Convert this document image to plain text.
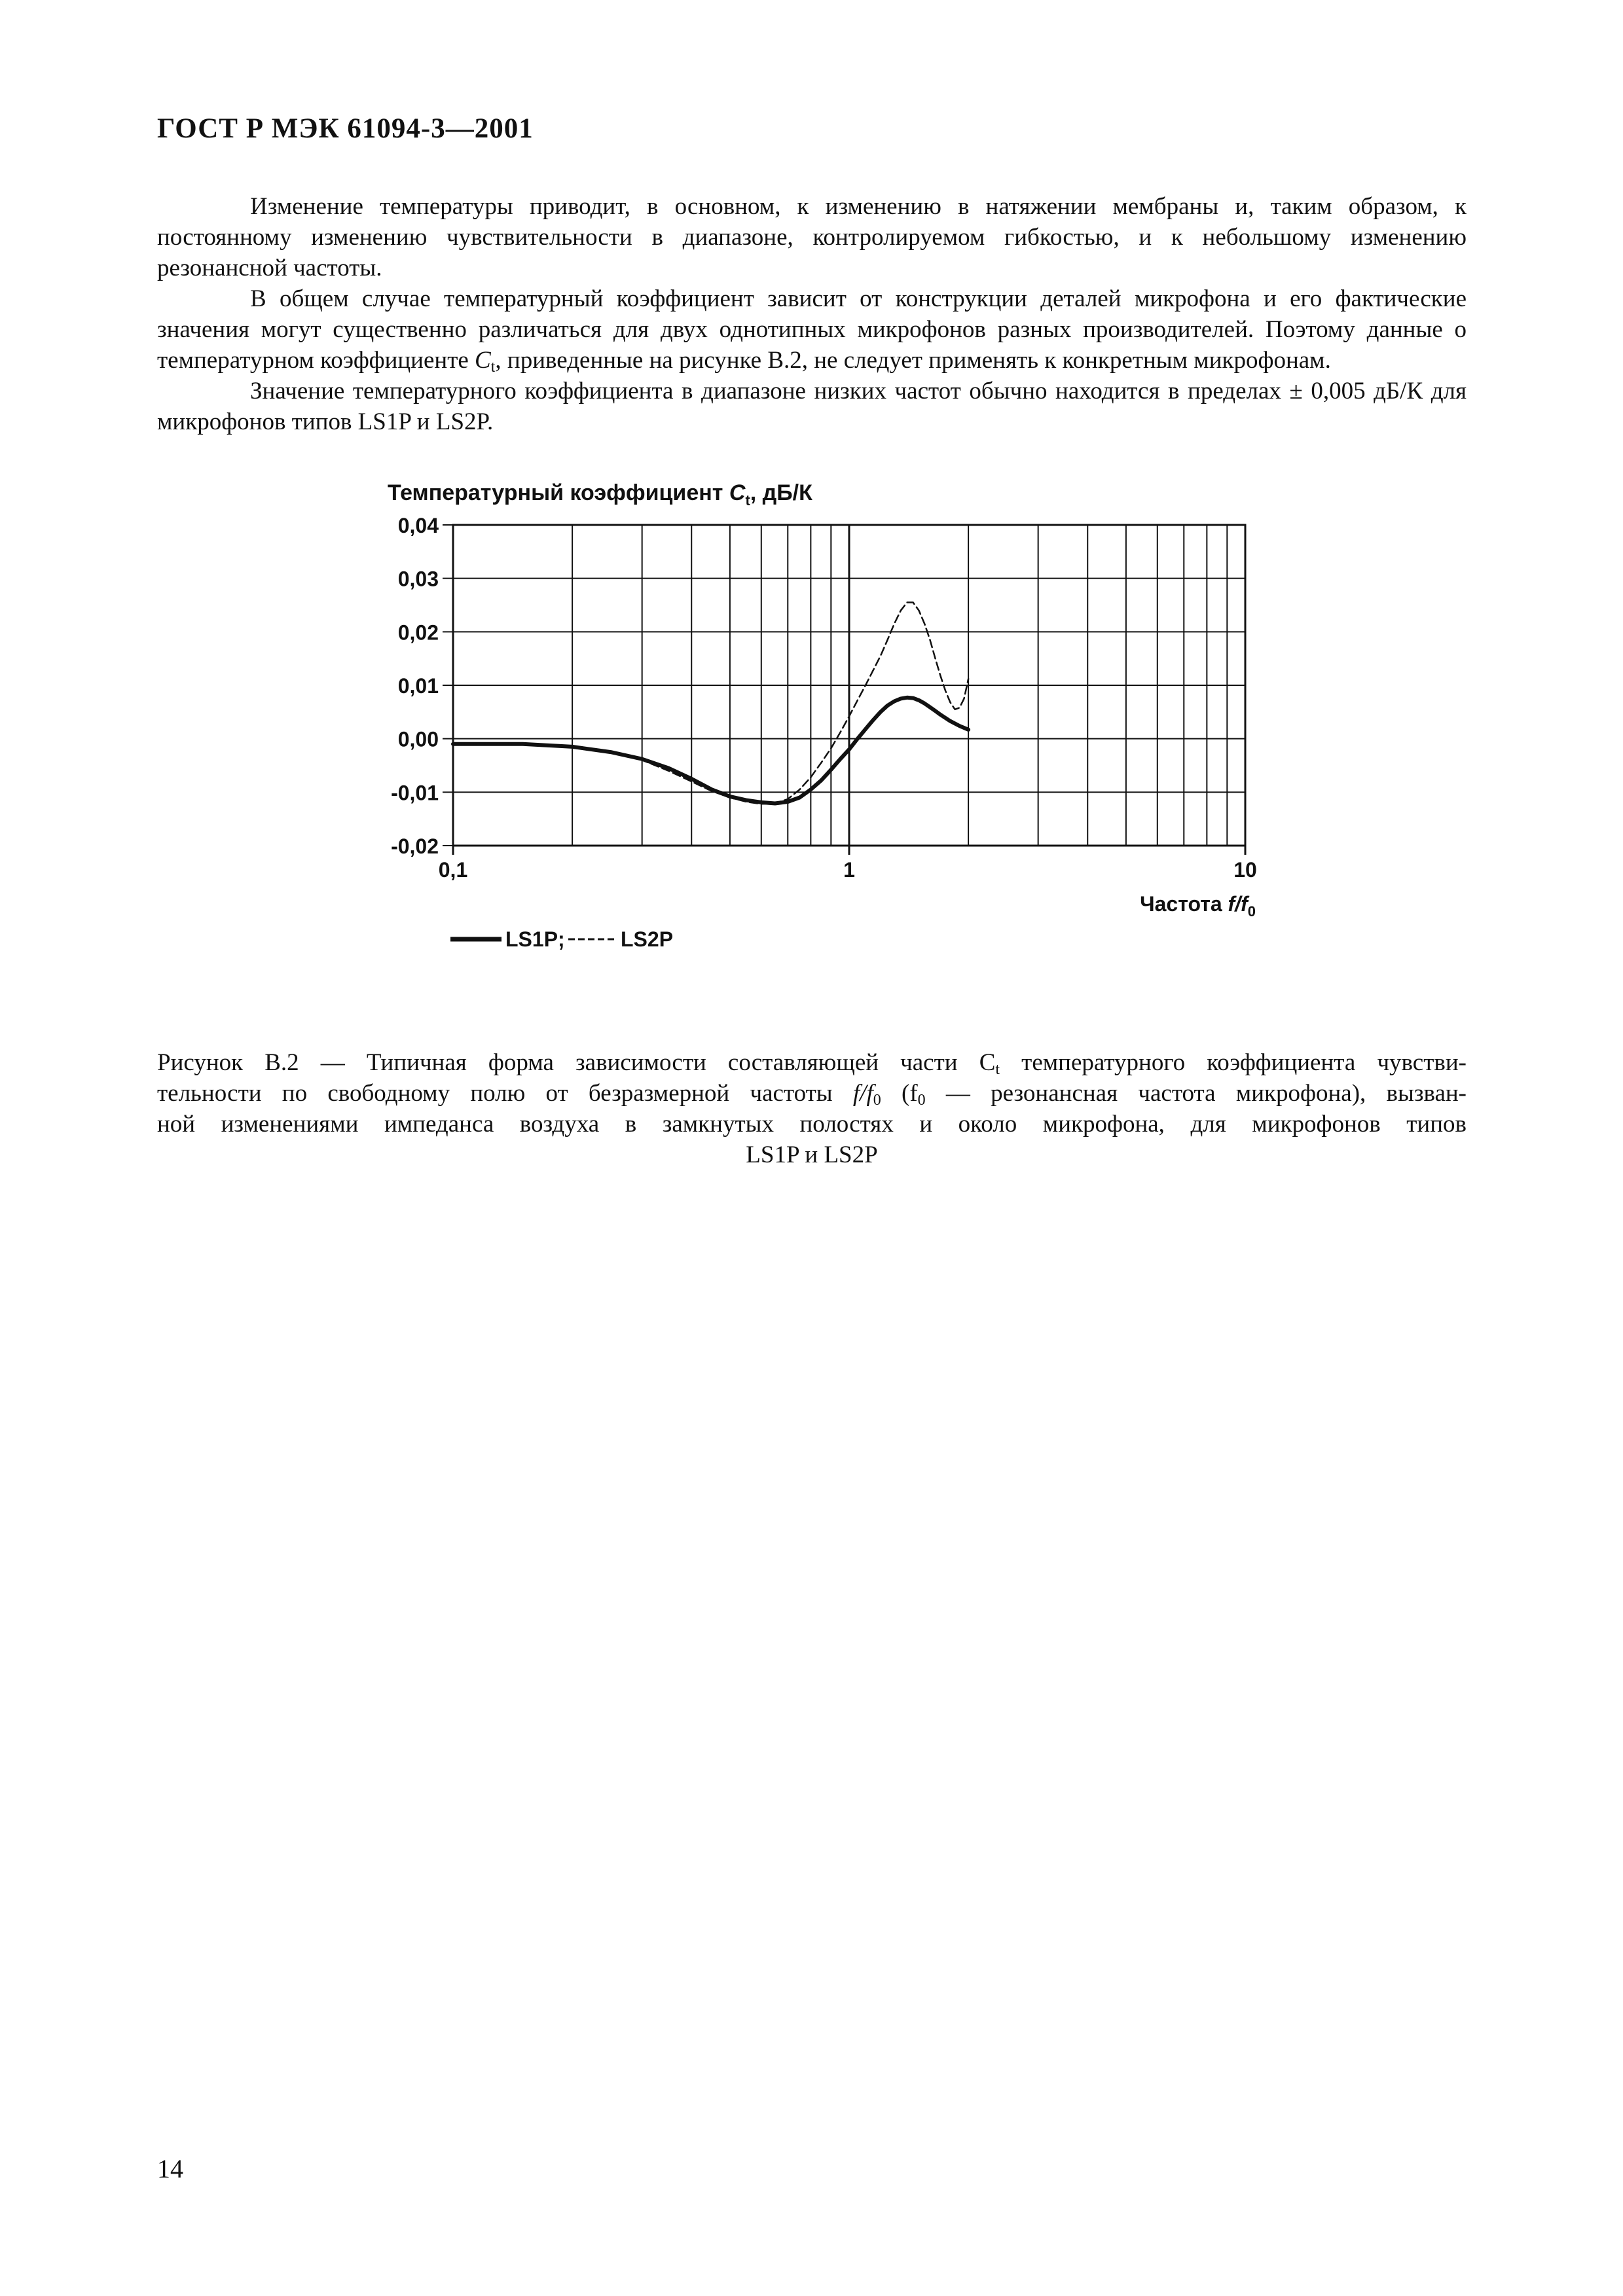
ГОСТ Р МЭК 61094-3—2001

Изменение температуры приводит, в основном, к изменению в натяжении мембраны и, таким образом, к постоянному изменению чувствительности в диапазоне, контролируемом гибкостью, и к небольшому изменению резонансной частоты.

В общем случае температурный коэффициент зависит от конструкции деталей микрофона и его фактические значения могут существенно различаться для двух однотипных микрофонов разных производителей. Поэтому данные о температурном коэффициенте $C_t$, приведенные на рисунке В.2, не следует применять к конкретным микрофонам.

Значение температурного коэффициента в диапазоне низких частот обычно находится в пределах ± 0,005 дБ/К для микрофонов типов LS1P и LS2P.

Температурный коэффициент $C_t$, дБ/К
0,04
0,03
0,02
0,01
0,00
-0,01
-0,02
0,1	1	10
Частота $f/f_0$
LS1P;	LS2P
Рисунок В.2 — Типичная форма зависимости составляющей части $C_t$ температурного коэффициента чувстви-
тельности по свободному полю от безразмерной частоты $f/f_0$ ($f_0$ — резонансная частота микрофона), вызван-
ной изменениями импеданса воздуха в замкнутых полостях и около микрофона, для микрофонов типов
LS1P и LS2P
14
